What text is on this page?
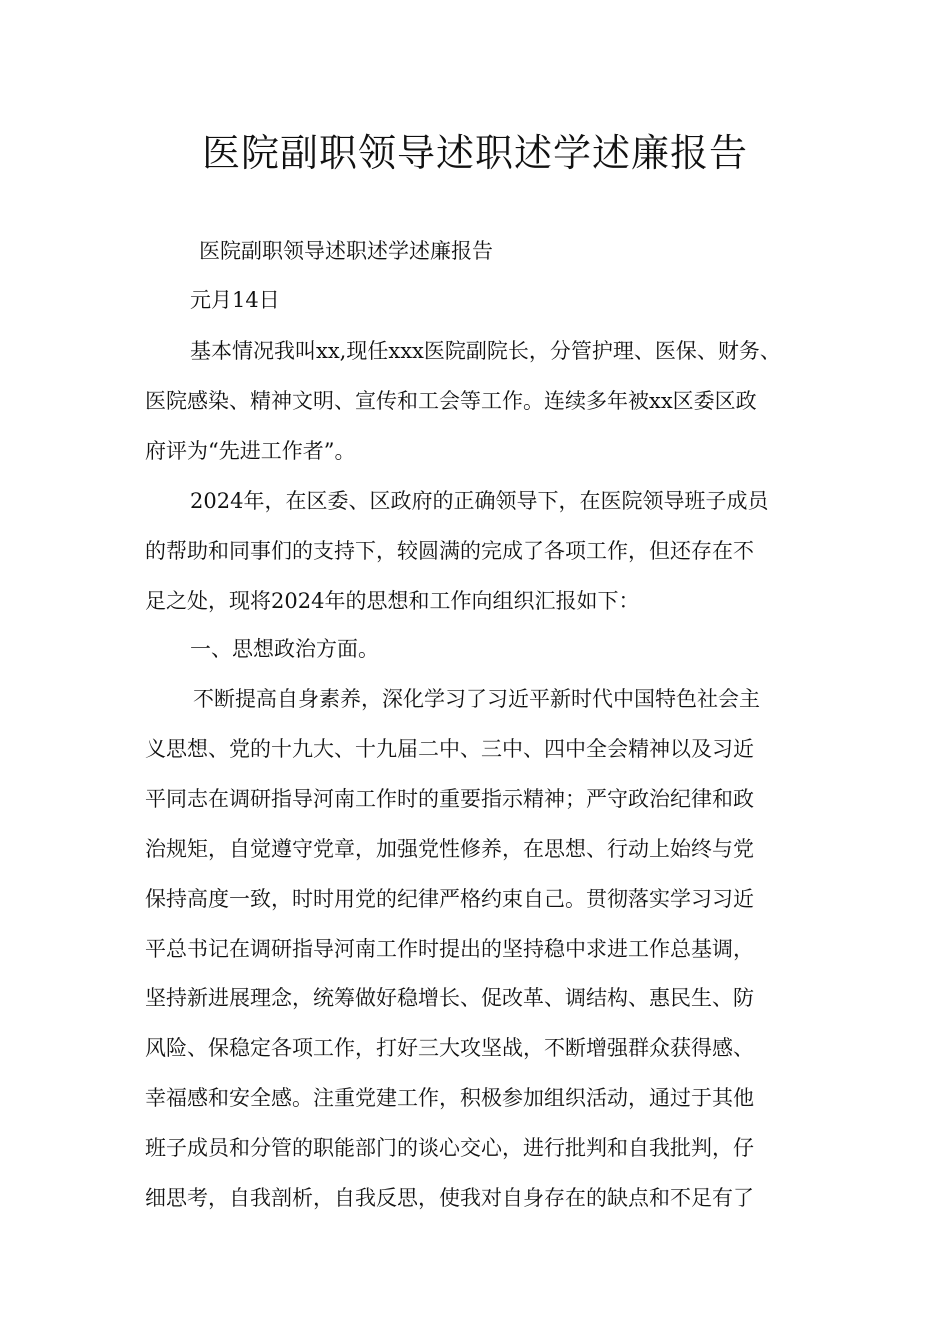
医院副职领导述职述学述廉报告
医院副职领导述职述学述廉报告
元月14日
基本情况我叫xx,现任xxx医院副院长，分管护理、医保、财务、
医院感染、精神文明、宣传和工会等工作。连续多年被xx区委区政
府评为“先进工作者”。
2024年，在区委、区政府的正确领导下，在医院领导班子成员
的帮助和同事们的支持下，较圆满的完成了各项工作，但还存在不
足之处，现将2024年的思想和工作向组织汇报如下：
一、思想政治方面。
不断提高自身素养，深化学习了习近平新时代中国特色社会主
义思想、党的十九大、十九届二中、三中、四中全会精神以及习近
平同志在调研指导河南工作时的重要指示精神；严守政治纪律和政
治规矩，自觉遵守党章，加强党性修养，在思想、行动上始终与党
保持高度一致，时时用党的纪律严格约束自己。贯彻落实学习习近
平总书记在调研指导河南工作时提出的坚持稳中求进工作总基调，
坚持新进展理念，统筹做好稳增长、促改革、调结构、惠民生、防
风险、保稳定各项工作，打好三大攻坚战，不断增强群众获得感、
幸福感和安全感。注重党建工作，积极参加组织活动，通过于其他
班子成员和分管的职能部门的谈心交心，进行批判和自我批判，仔
细思考，自我剖析，自我反思，使我对自身存在的缺点和不足有了
